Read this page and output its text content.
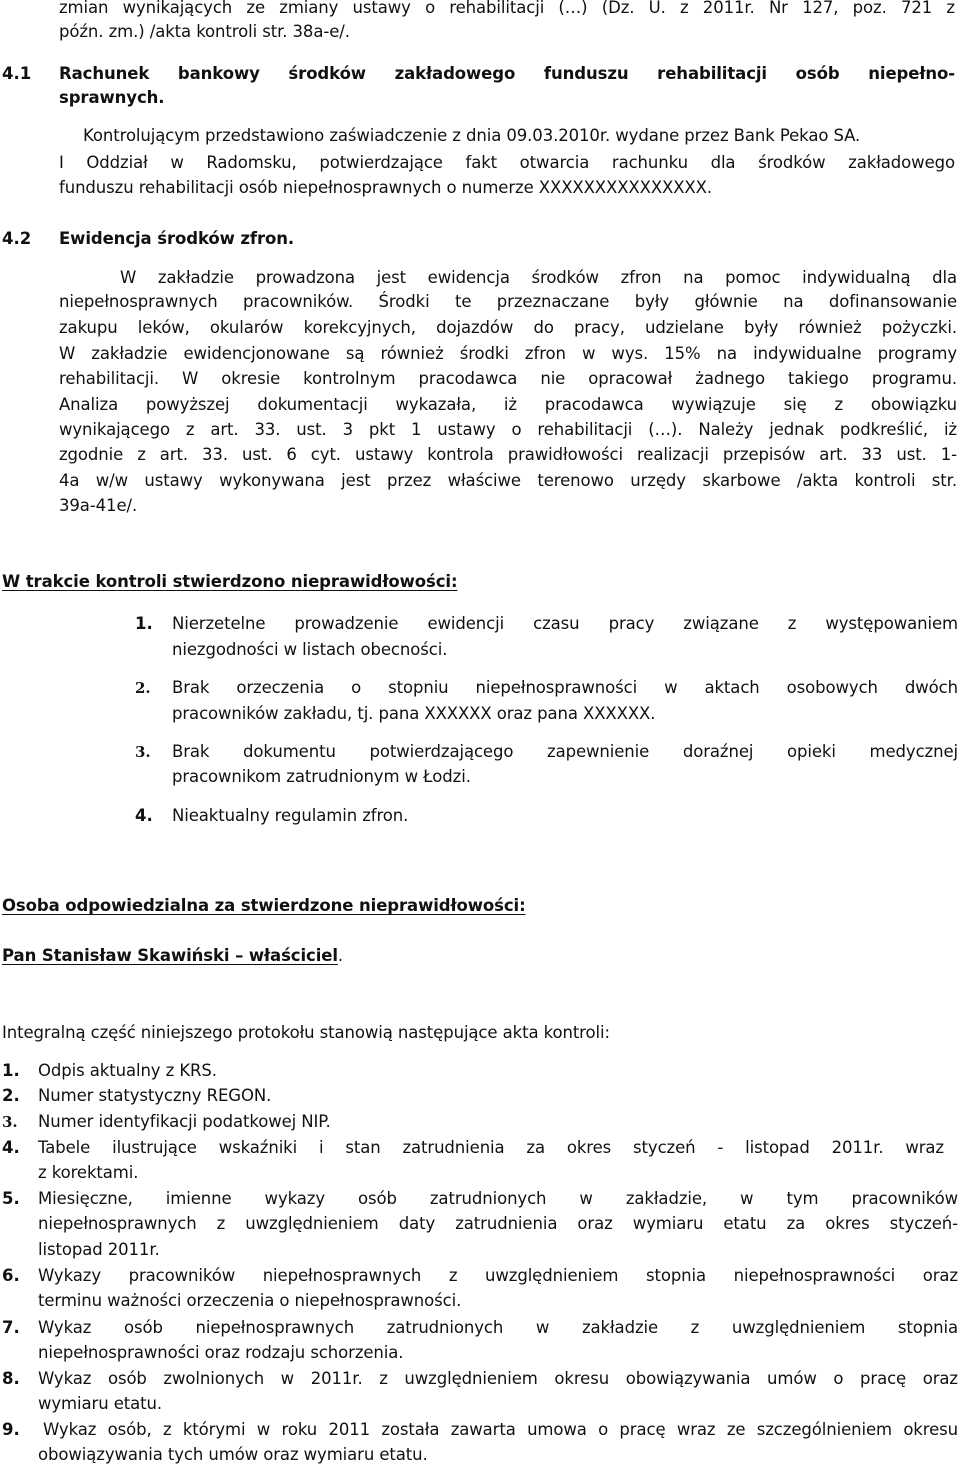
zmian wynikających ze zmiany ustawy o rehabilitacji (…) (Dz. U. z 2011r. Nr 127, poz. 721 z
późn. zm.) /akta kontroli str. 38a-e/.
4.1 Rachunek bankowy środków zakładowego funduszu rehabilitacji osób niepełno-
sprawnych.
Kontrolującym przedstawiono zaświadczenie z dnia 09.03.2010r. wydane przez Bank Pekao SA.
I Oddział w Radomsku, potwierdzające fakt otwarcia rachunku dla środków zakładowego
funduszu rehabilitacji osób niepełnosprawnych o numerze XXXXXXXXXXXXXXX.
4.2 Ewidencja środków zfron.
W zakładzie prowadzona jest ewidencja środków zfron na pomoc indywidualną dla
niepełnosprawnych pracowników. Środki te przeznaczane były głównie na dofinansowanie
zakupu leków, okularów korekcyjnych, dojazdów do pracy, udzielane były również pożyczki.
W zakładzie ewidencjonowane są również środki zfron w wys. 15% na indywidualne programy
rehabilitacji. W okresie kontrolnym pracodawca nie opracował żadnego takiego programu.
Analiza powyższej dokumentacji wykazała, iż pracodawca wywiązuje się z obowiązku
wynikającego z art. 33. ust. 3 pkt 1 ustawy o rehabilitacji (…). Należy jednak podkreślić, iż
zgodnie z art. 33. ust. 6 cyt. ustawy kontrola prawidłowości realizacji przepisów art. 33 ust. 1-
4a w/w ustawy wykonywana jest przez właściwe terenowo urzędy skarbowe /akta kontroli str.
39a-41e/.
W trakcie kontroli stwierdzono nieprawidłowości:
1. Nierzetelne prowadzenie ewidencji czasu pracy związane z występowaniem
niezgodności w listach obecności.
2. Brak orzeczenia o stopniu niepełnosprawności w aktach osobowych dwóch
pracowników zakładu, tj. pana XXXXXX oraz pana XXXXXX.
3. Brak dokumentu potwierdzającego zapewnienie doraźnej opieki medycznej
pracownikom zatrudnionym w Łodzi.
4. Nieaktualny regulamin zfron.
Osoba odpowiedzialna za stwierdzone nieprawidłowości:
Pan Stanisław Skawiński – właściciel.
Integralną część niniejszego protokołu stanowią następujące akta kontroli:
1. Odpis aktualny z KRS.
2. Numer statystyczny REGON.
3. Numer identyfikacji podatkowej NIP.
4. Tabele ilustrujące wskaźniki i stan zatrudnienia za okres styczeń - listopad 2011r. wraz
z korektami.
5. Miesięczne, imienne wykazy osób zatrudnionych w zakładzie, w tym pracowników
niepełnosprawnych z uwzględnieniem daty zatrudnienia oraz wymiaru etatu za okres styczeń-
listopad 2011r.
6. Wykazy pracowników niepełnosprawnych z uwzględnieniem stopnia niepełnosprawności oraz
terminu ważności orzeczenia o niepełnosprawności.
7. Wykaz osób niepełnosprawnych zatrudnionych w zakładzie z uwzględnieniem stopnia
niepełnosprawności oraz rodzaju schorzenia.
8. Wykaz osób zwolnionych w 2011r. z uwzględnieniem okresu obowiązywania umów o pracę oraz
wymiaru etatu.
9. Wykaz osób, z którymi w roku 2011 została zawarta umowa o pracę wraz ze szczególnieniem okresu
obowiązywania tych umów oraz wymiaru etatu.
